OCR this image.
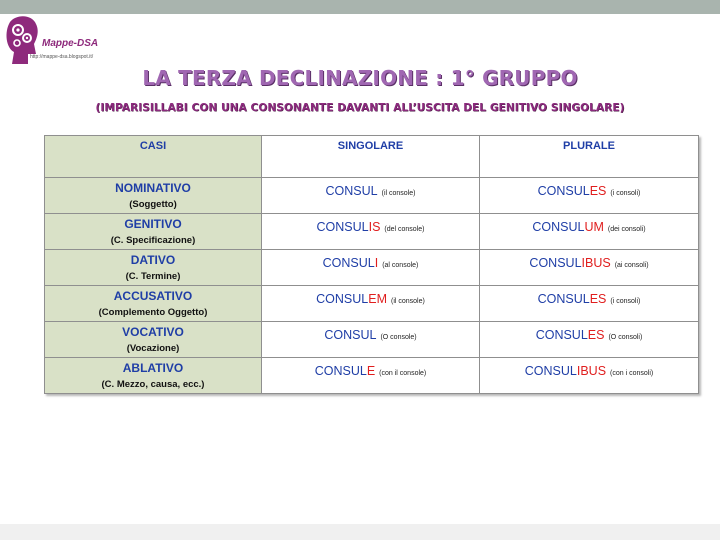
Mappe-DSA
http://mappe-dsa.blogspot.it/
LA TERZA DECLINAZIONE : 1° GRUPPO
(IMPARISILLABI CON UNA CONSONANTE DAVANTI ALL’USCITA DEL GENITIVO SINGOLARE)
CASI	SINGOLARE	PLURALE

NOMINATIVO
(Soggetto)	CONSUL (il console)	CONSULES (i consoli)

GENITIVO
(C. Specificazione)	CONSULIS (del console)	CONSULUM (dei consoli)

DATIVO
(C. Termine)	CONSULI (al console)	CONSULIBUS (ai consoli)

ACCUSATIVO
(Complemento Oggetto)	CONSULEM (il console)	CONSULES (i consoli)

VOCATIVO
(Vocazione)	CONSUL (O console)	CONSULES (O consoli)

ABLATIVO
(C. Mezzo, causa, ecc.)	CONSULE (con il console)	CONSULIBUS (con i consoli)
